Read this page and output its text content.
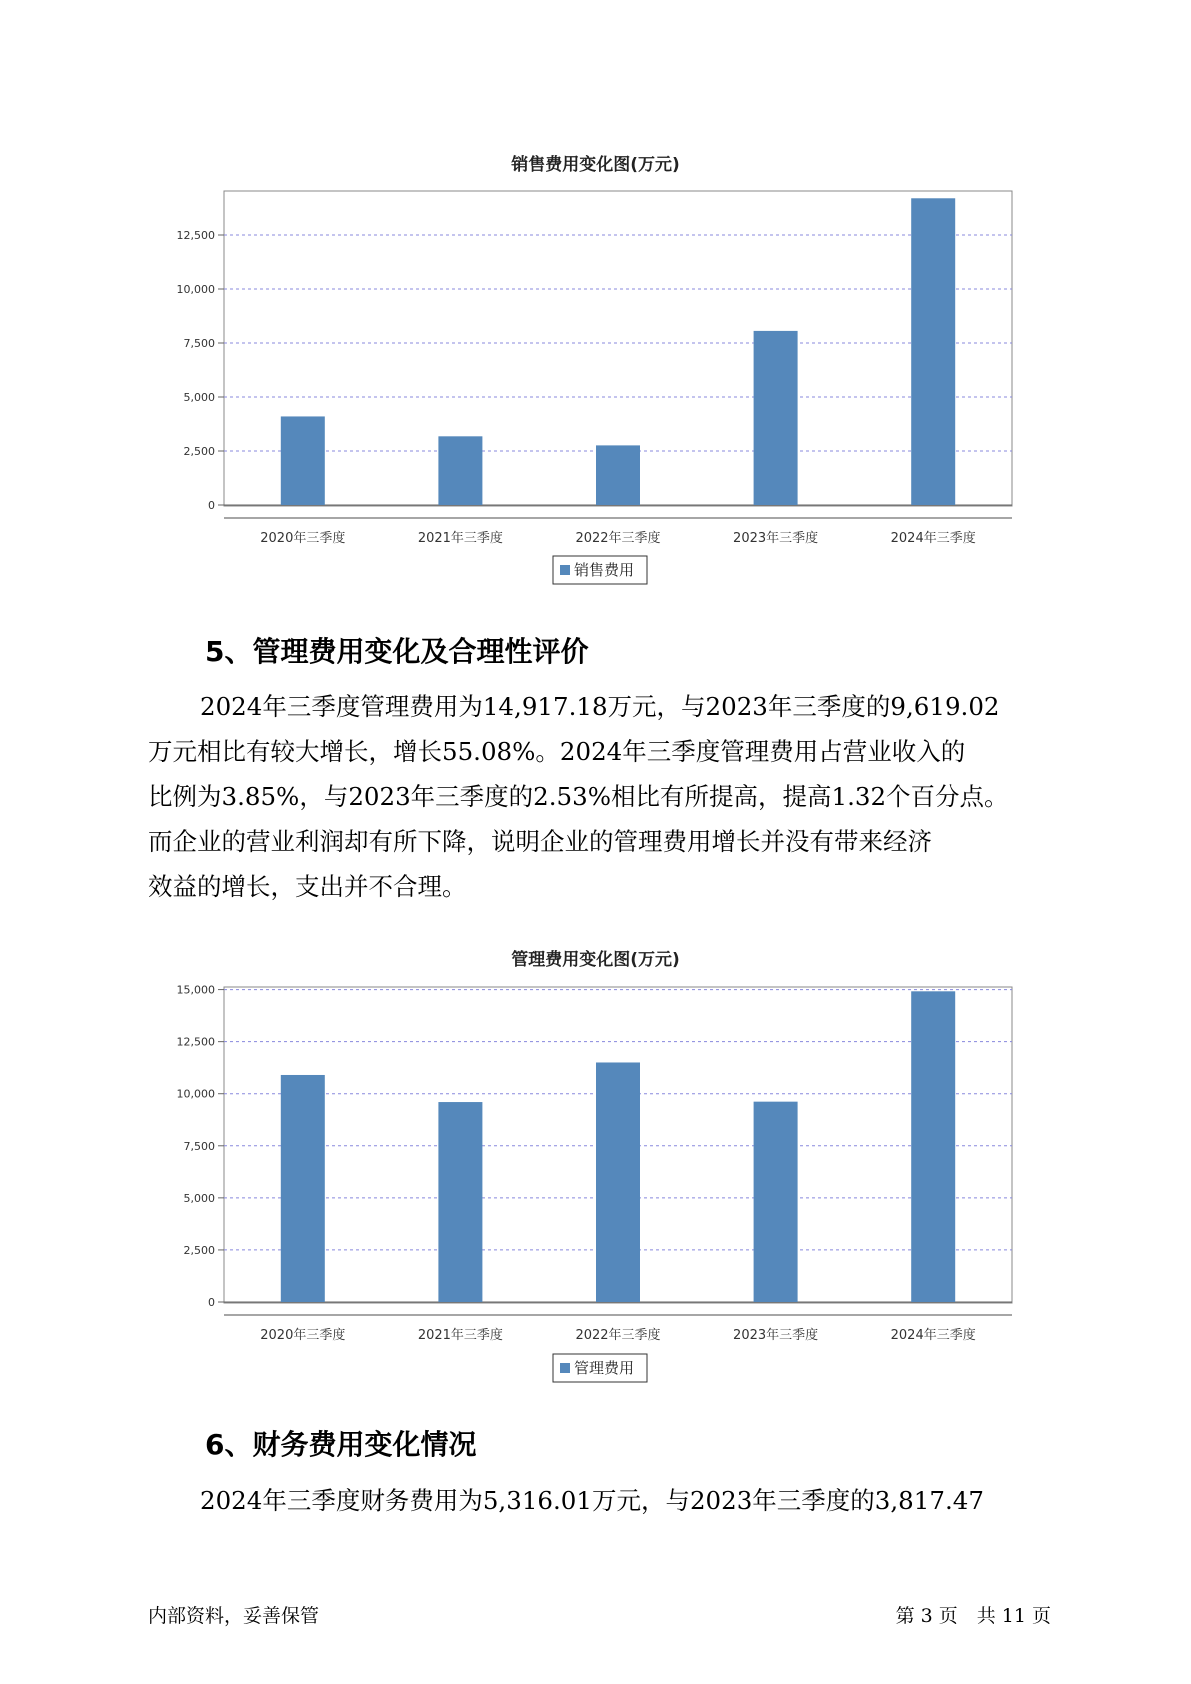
销售费用变化图(万元)
0
2,500
5,000
7,500
10,000
12,500
2020年三季度	2021年三季度	2022年三季度	2023年三季度	2024年三季度
销售费用
5、管理费用变化及合理性评价

2024年三季度管理费用为14,917.18万元，与2023年三季度的9,619.02

万元相比有较大增长，增长55.08%。2024年三季度管理费用占营业收入的

比例为3.85%，与2023年三季度的2.53%相比有所提高，提高1.32个百分点。

而企业的营业利润却有所下降，说明企业的管理费用增长并没有带来经济

效益的增长，支出并不合理。

管理费用变化图(万元)
0
2,500
5,000
7,500
10,000
12,500
15,000
2020年三季度	2021年三季度	2022年三季度	2023年三季度	2024年三季度
管理费用
6、财务费用变化情况

2024年三季度财务费用为5,316.01万元，与2023年三季度的3,817.47

内部资料，妥善保管	第 3 页　共 11 页
